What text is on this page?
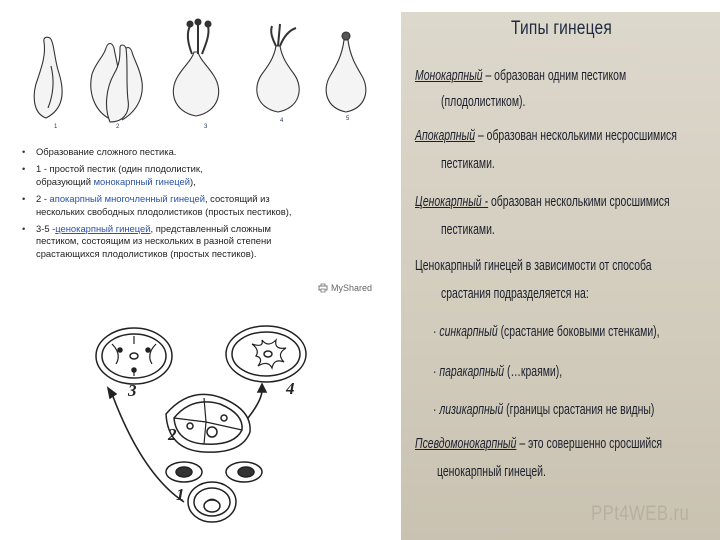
1	2	3
4	5
• Образование сложного пестика.
• 1 - простой пестик (один плодолистик,
образующий монокарпный гинецей),
• 2 - апокарпный многочленный гинецей, состоящий из
нескольких свободных плодолистиков (простых пестиков),
• 3-5 -ценокарпный гинецей, представленный сложным
пестиком, состоящим из нескольких в разной степени
сраcтающихся плодолистиков (простых пестиков).
MyShared
3	4
2
1
Типы гинецея
Монокарпный – образован одним пестиком
(плодолистиком).
Апокарпный – образован несколькими несросшимися
пестиками.
Ценокарпный - образован несколькими сросшимися
пестиками.
Ценокарпный гинецей в зависимости от способа
срастания подразделяется на:
· синкарпный (срастание боковыми стенками),
· паракарпный (…краями),
· лизикарпный (границы срастания не видны)
Псевдомонокарпный – это совершенно сросшийся
ценокарпный гинецей.
PPt4WEB.ru
